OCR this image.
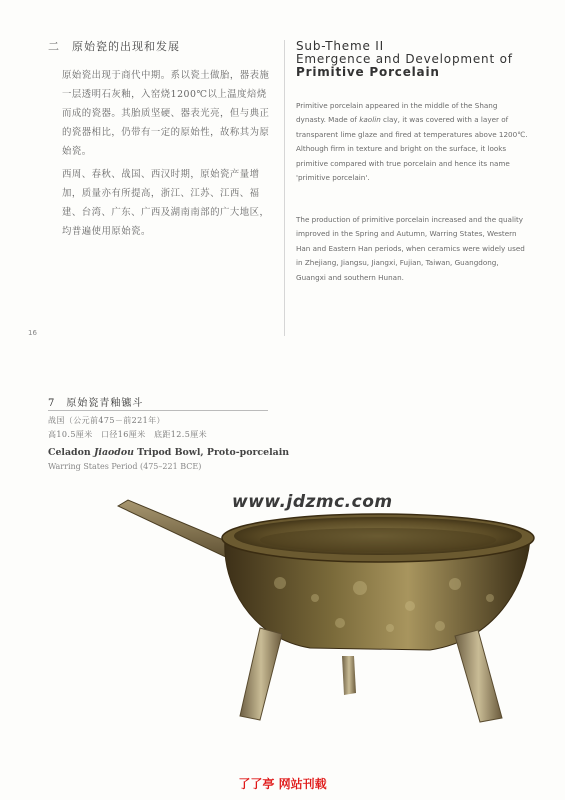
二　原始瓷的出现和发展
原始瓷出现于商代中期。系以瓷土做胎，器表施一层透明石灰釉，入窑烧1200℃以上温度焙烧而成的瓷器。其胎质坚硬、器表光亮，但与典正的瓷器相比，仍带有一定的原始性，故称其为原始瓷。
西周、春秋、战国、西汉时期，原始瓷产量增加，质量亦有所提高，浙江、江苏、江西、福建、台湾、广东、广西及湖南南部的广大地区，均普遍使用原始瓷。
Sub-Theme II
Emergence and Development of
Primitive Porcelain
Primitive porcelain appeared in the middle of the Shang dynasty. Made of kaolin clay, it was covered with a layer of transparent lime glaze and fired at temperatures above 1200℃. Although firm in texture and bright on the surface, it looks primitive compared with true porcelain and hence its name 'primitive porcelain'.
The production of primitive porcelain increased and the quality improved in the Spring and Autumn, Warring States, Western Han and Eastern Han periods, when ceramics were widely used in Zhejiang, Jiangsu, Jiangxi, Fujian, Taiwan, Guangdong, Guangxi and southern Hunan.
16
7　原始瓷青釉镳斗
战国（公元前475－前221年）
高10.5厘米　口径16厘米　底距12.5厘米
Celadon Jiaodou Tripod Bowl, Proto-porcelain
Warring States Period (475–221 BCE)
www.jdzmc.com
了了亭 网站刊载
